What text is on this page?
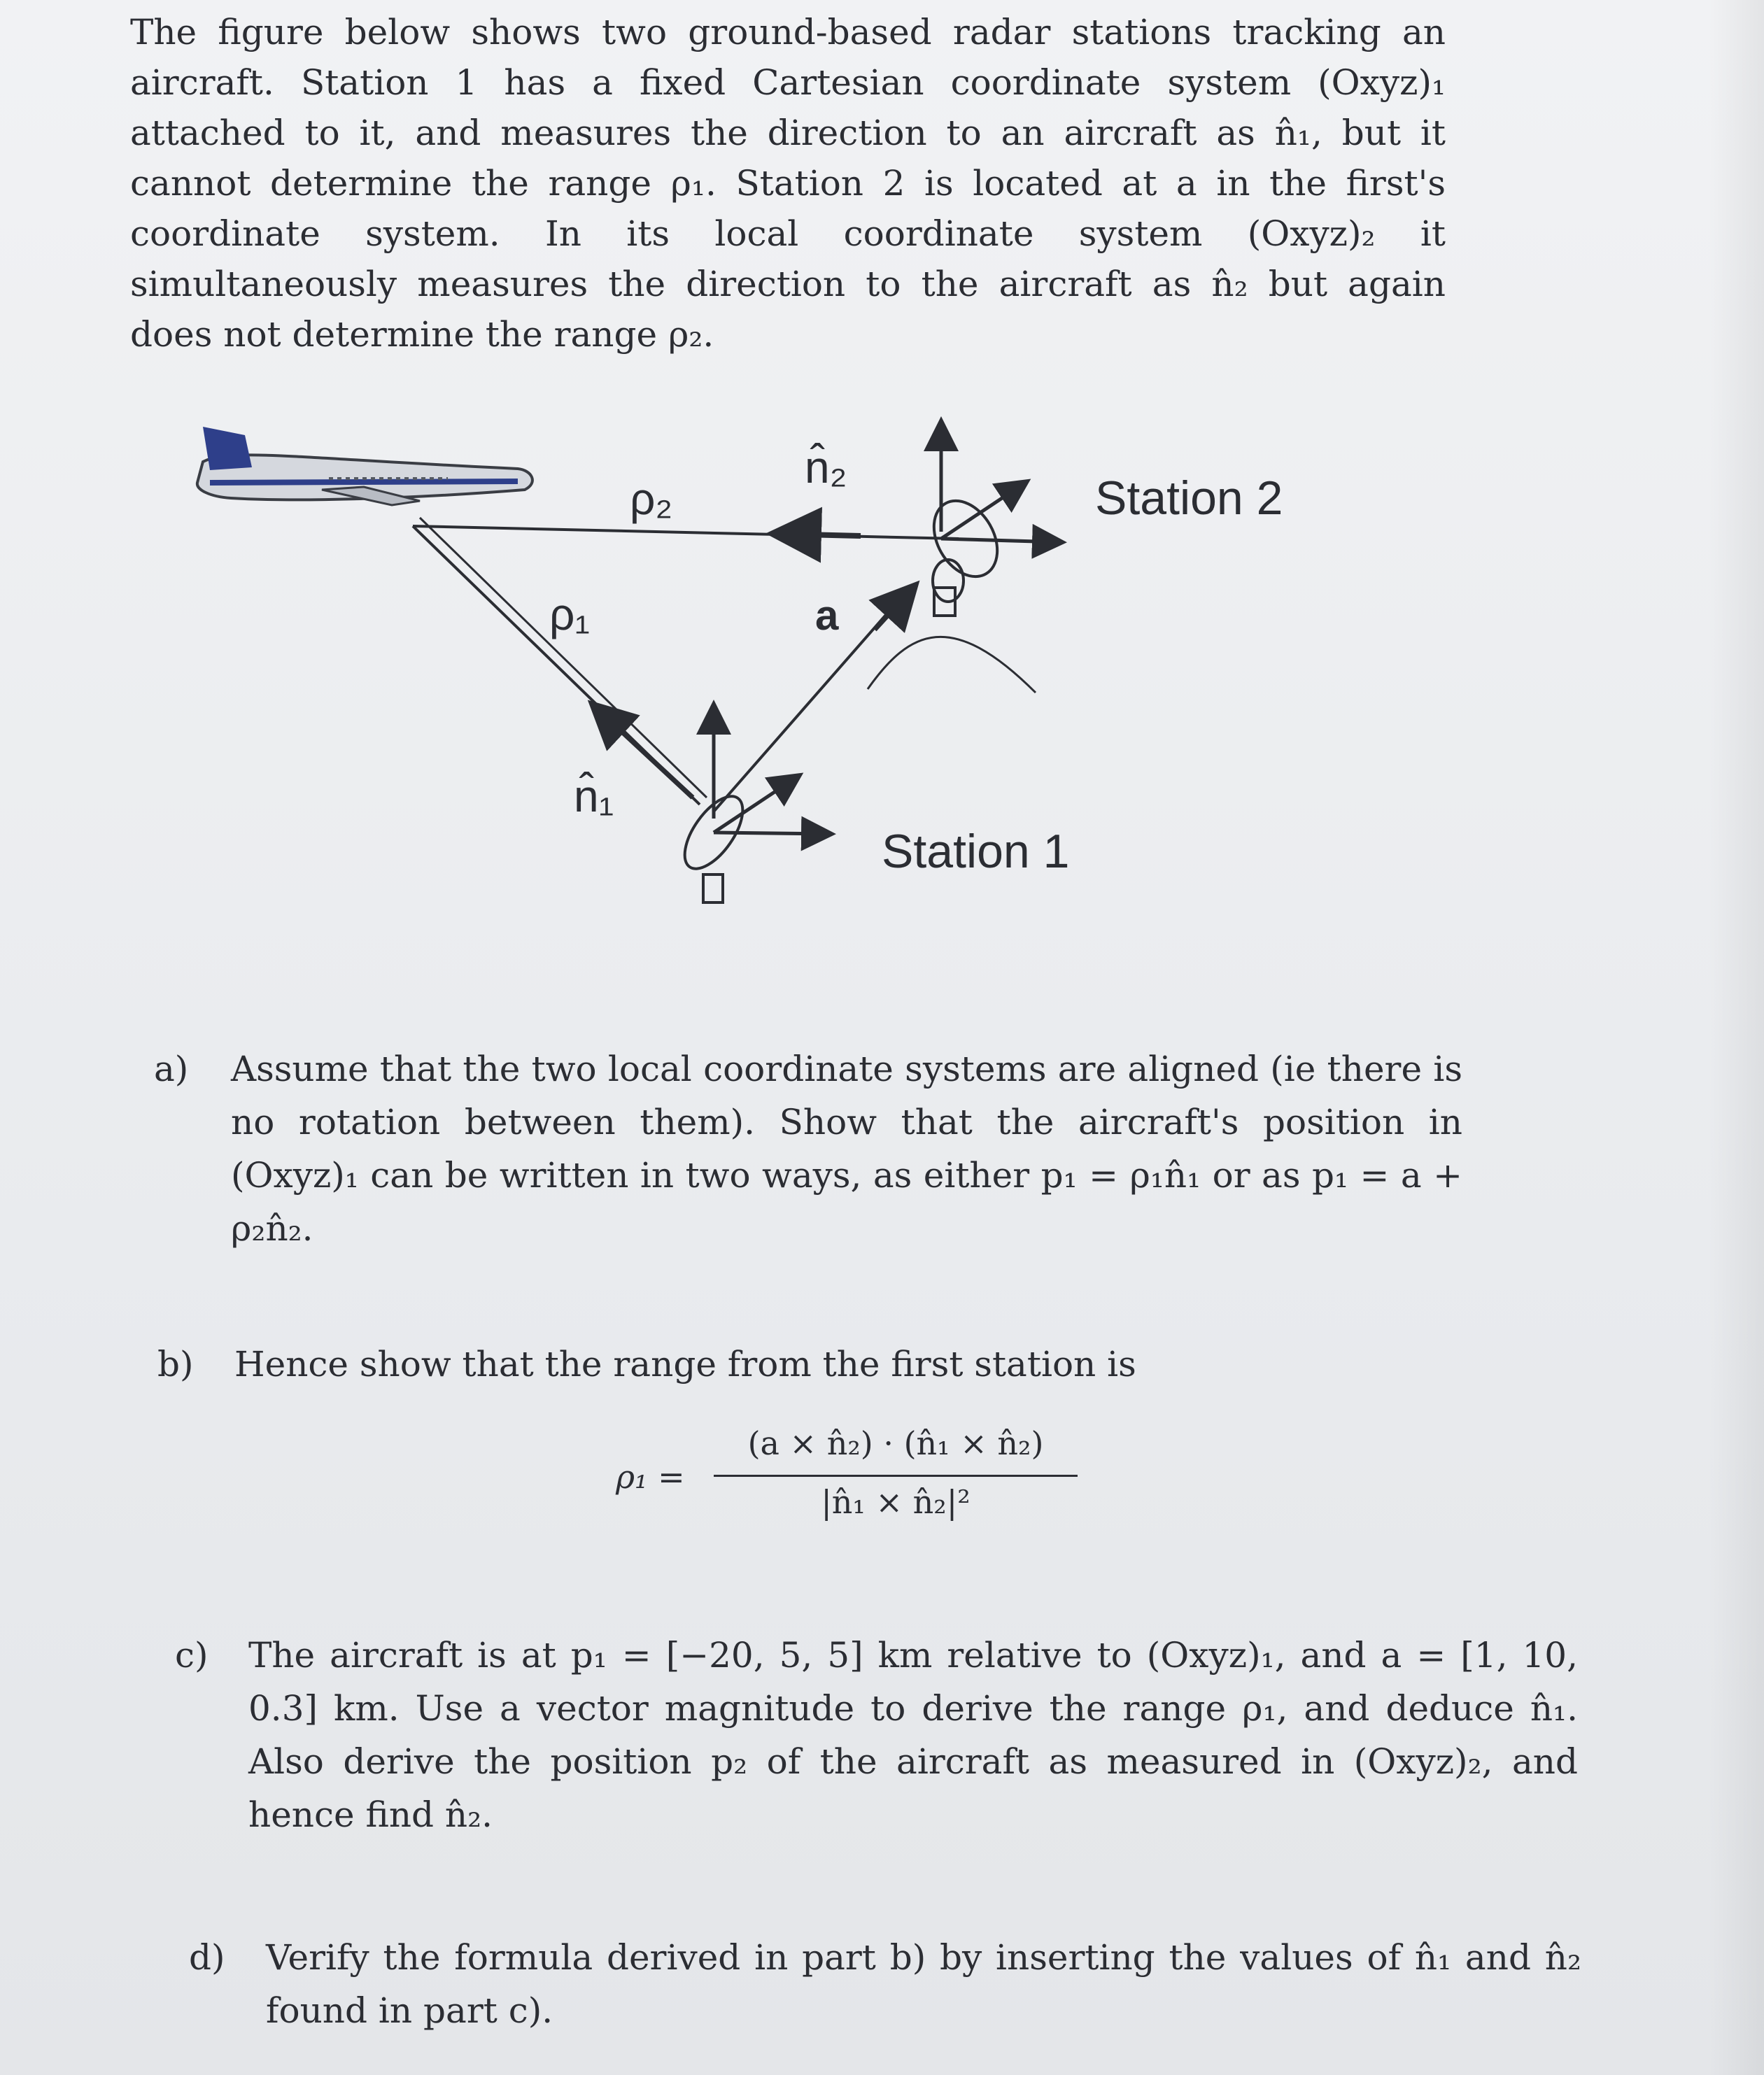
The figure below shows two ground-based radar stations tracking an aircraft. Station 1 has a fixed Cartesian coordinate system (Oxyz)₁ attached to it, and measures the direction to an aircraft as n̂₁, but it cannot determine the range ρ₁. Station 2 is located at a in the first's coordinate system. In its local coordinate system (Oxyz)₂ it simultaneously measures the direction to the aircraft as n̂₂ but again does not determine the range ρ₂.
n̂₂
ρ₂	Station 2
ρ₁	a
n̂₁
Station 1
a) Assume that the two local coordinate systems are aligned (ie there is no rotation between them). Show that the aircraft's position in (Oxyz)₁ can be written in two ways, as either p₁ = ρ₁n̂₁ or as p₁ = a + ρ₂n̂₂.
b) Hence show that the range from the first station is
ρ₁ =
(a × n̂₂) · (n̂₁ × n̂₂)
|n̂₁ × n̂₂|²
c) The aircraft is at p₁ = [−20, 5, 5] km relative to (Oxyz)₁, and a = [1, 10, 0.3] km. Use a vector magnitude to derive the range ρ₁, and deduce n̂₁. Also derive the position p₂ of the aircraft as measured in (Oxyz)₂, and hence find n̂₂.
d) Verify the formula derived in part b) by inserting the values of n̂₁ and n̂₂ found in part c).
